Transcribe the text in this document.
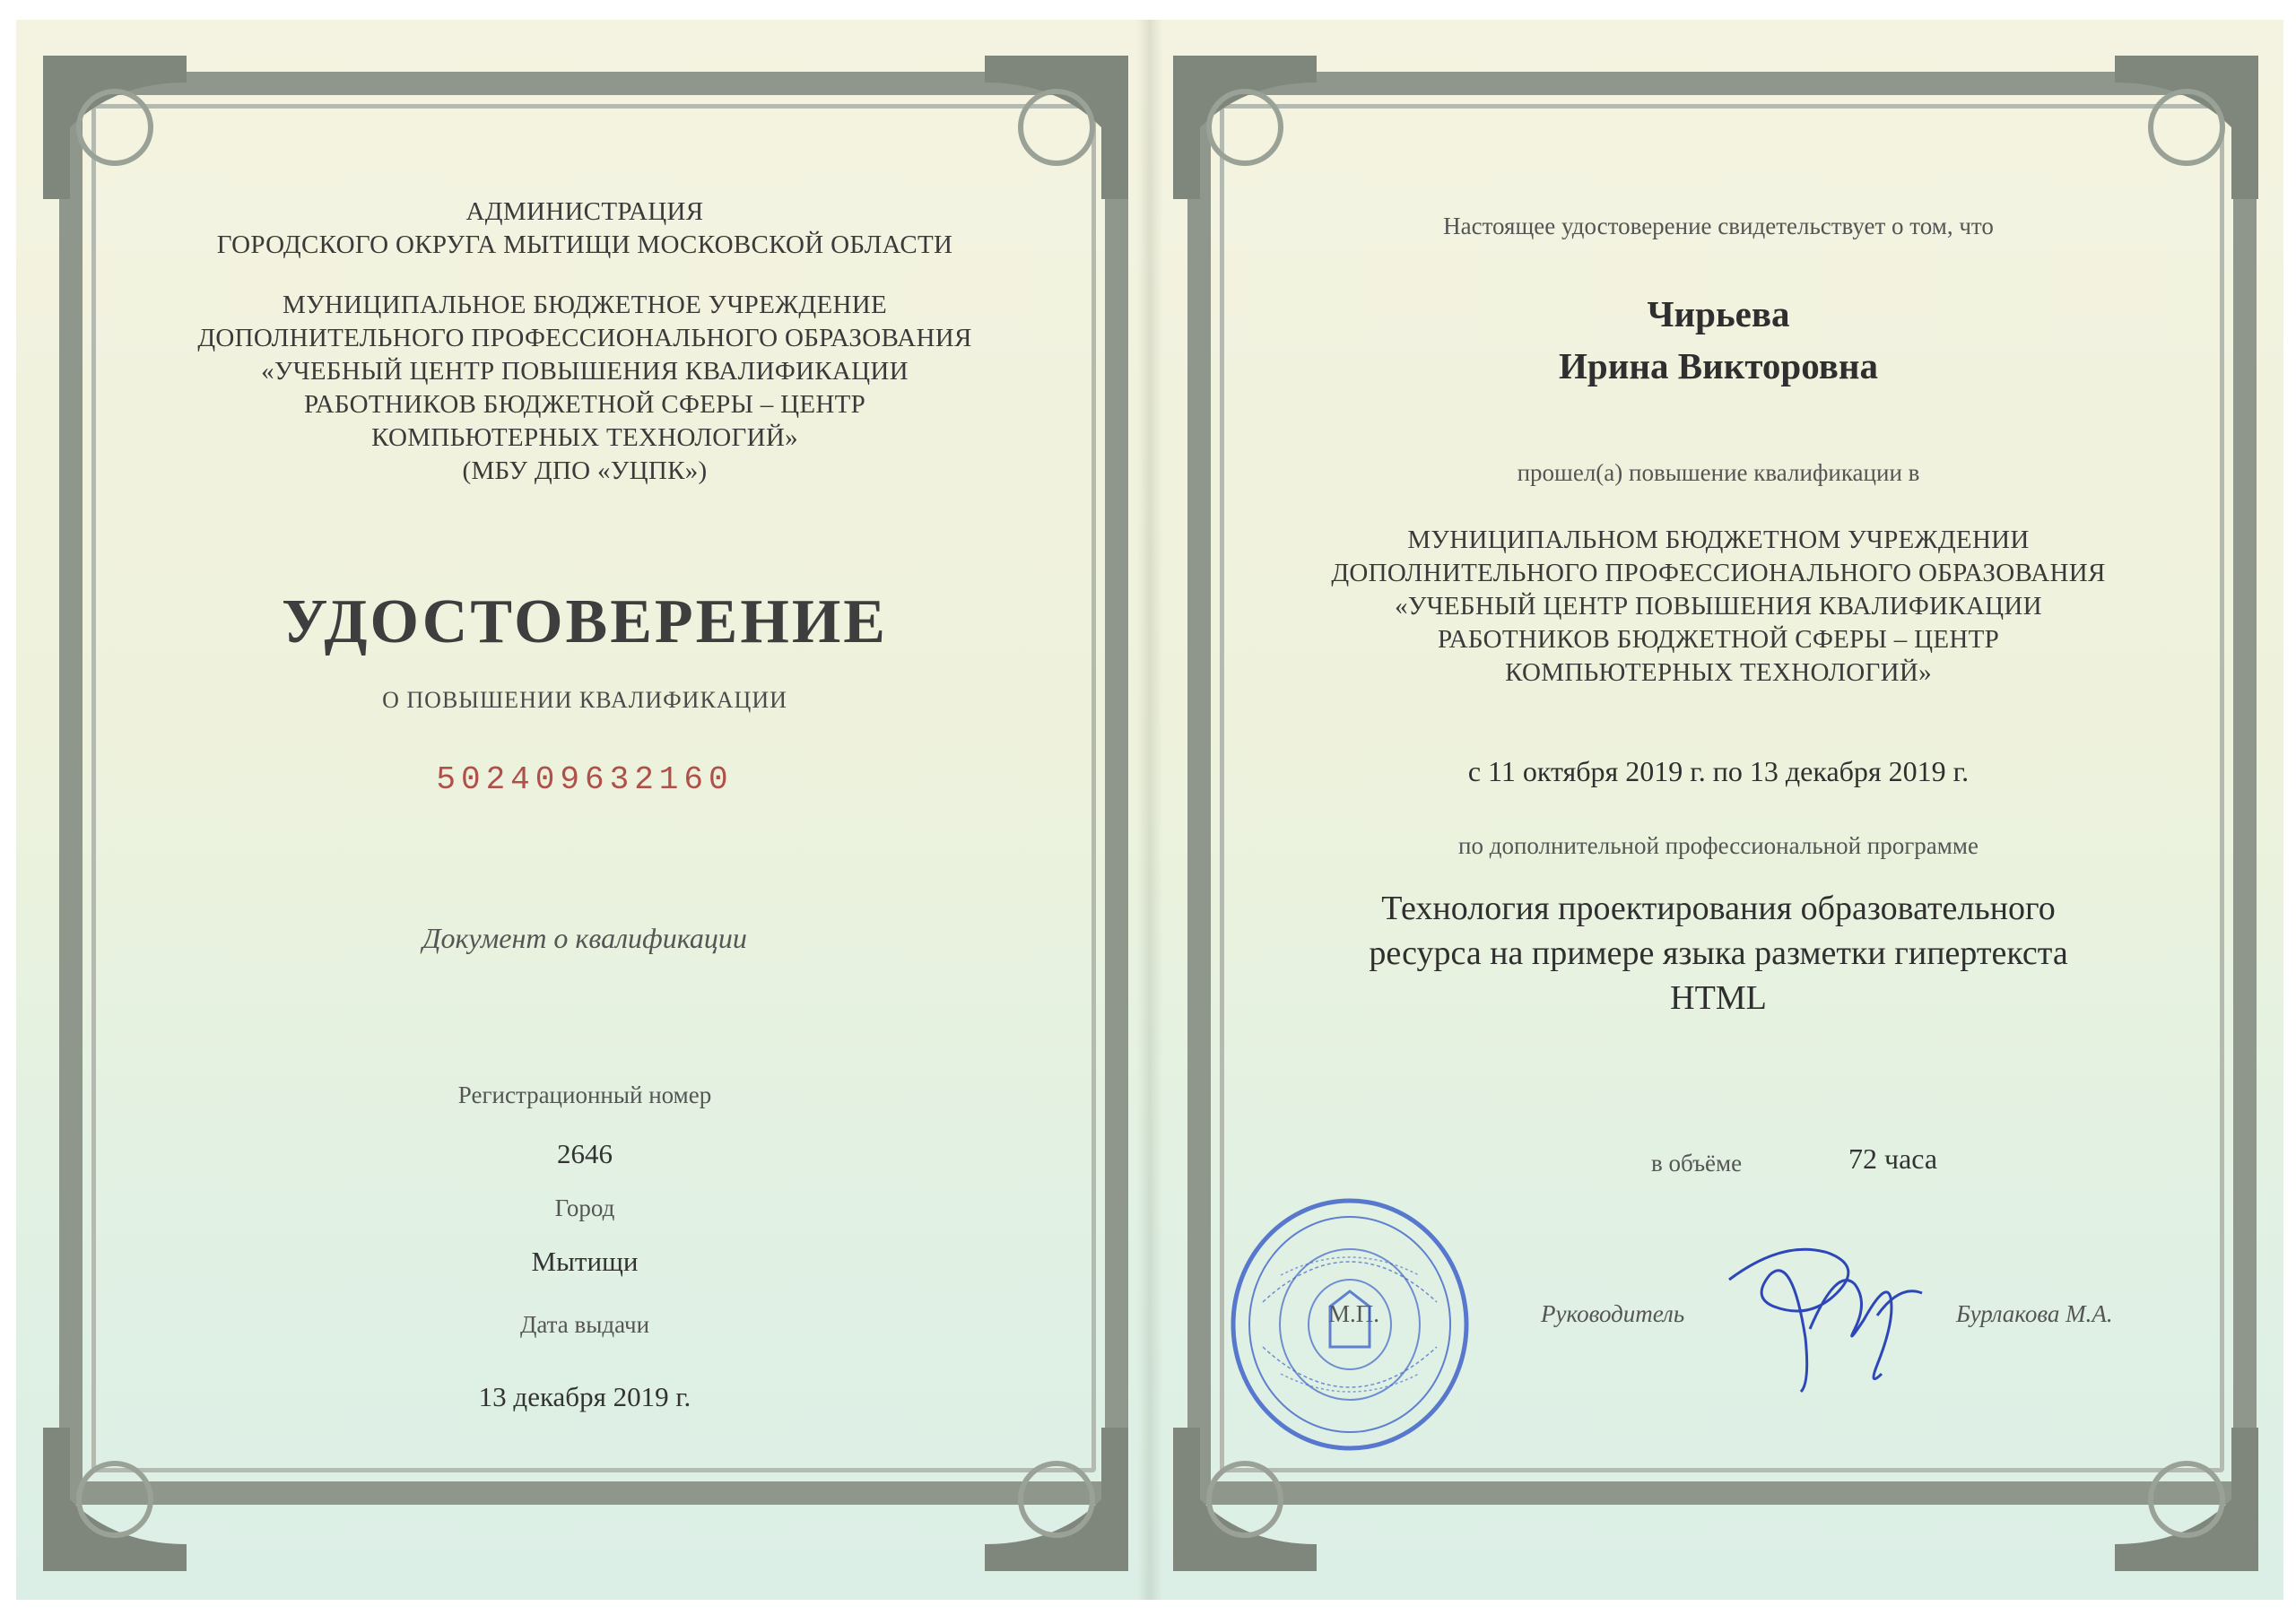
АДМИНИСТРАЦИЯ
ГОРОДСКОГО ОКРУГА МЫТИЩИ МОСКОВСКОЙ ОБЛАСТИ
МУНИЦИПАЛЬНОЕ БЮДЖЕТНОЕ УЧРЕЖДЕНИЕ
ДОПОЛНИТЕЛЬНОГО ПРОФЕССИОНАЛЬНОГО ОБРАЗОВАНИЯ
«УЧЕБНЫЙ ЦЕНТР ПОВЫШЕНИЯ КВАЛИФИКАЦИИ
РАБОТНИКОВ БЮДЖЕТНОЙ СФЕРЫ – ЦЕНТР
КОМПЬЮТЕРНЫХ ТЕХНОЛОГИЙ»
(МБУ ДПО «УЦПК»)
УДОСТОВЕРЕНИЕ
О ПОВЫШЕНИИ КВАЛИФИКАЦИИ
502409632160
Документ о квалификации
Регистрационный номер
2646
Город
Мытищи
Дата выдачи
13 декабря 2019 г.
Настоящее удостоверение свидетельствует о том, что
Чирьева
Ирина Викторовна
прошел(а) повышение квалификации в
МУНИЦИПАЛЬНОМ БЮДЖЕТНОМ УЧРЕЖДЕНИИ
ДОПОЛНИТЕЛЬНОГО ПРОФЕССИОНАЛЬНОГО ОБРАЗОВАНИЯ
«УЧЕБНЫЙ ЦЕНТР ПОВЫШЕНИЯ КВАЛИФИКАЦИИ
РАБОТНИКОВ БЮДЖЕТНОЙ СФЕРЫ – ЦЕНТР
КОМПЬЮТЕРНЫХ ТЕХНОЛОГИЙ»
с 11 октября 2019 г. по 13 декабря 2019 г.
по дополнительной профессиональной программе
Технология проектирования образовательного
ресурса на примере языка разметки гипертекста
HTML
в объёме	72 часа
М.П.	Руководитель	Бурлакова М.А.
